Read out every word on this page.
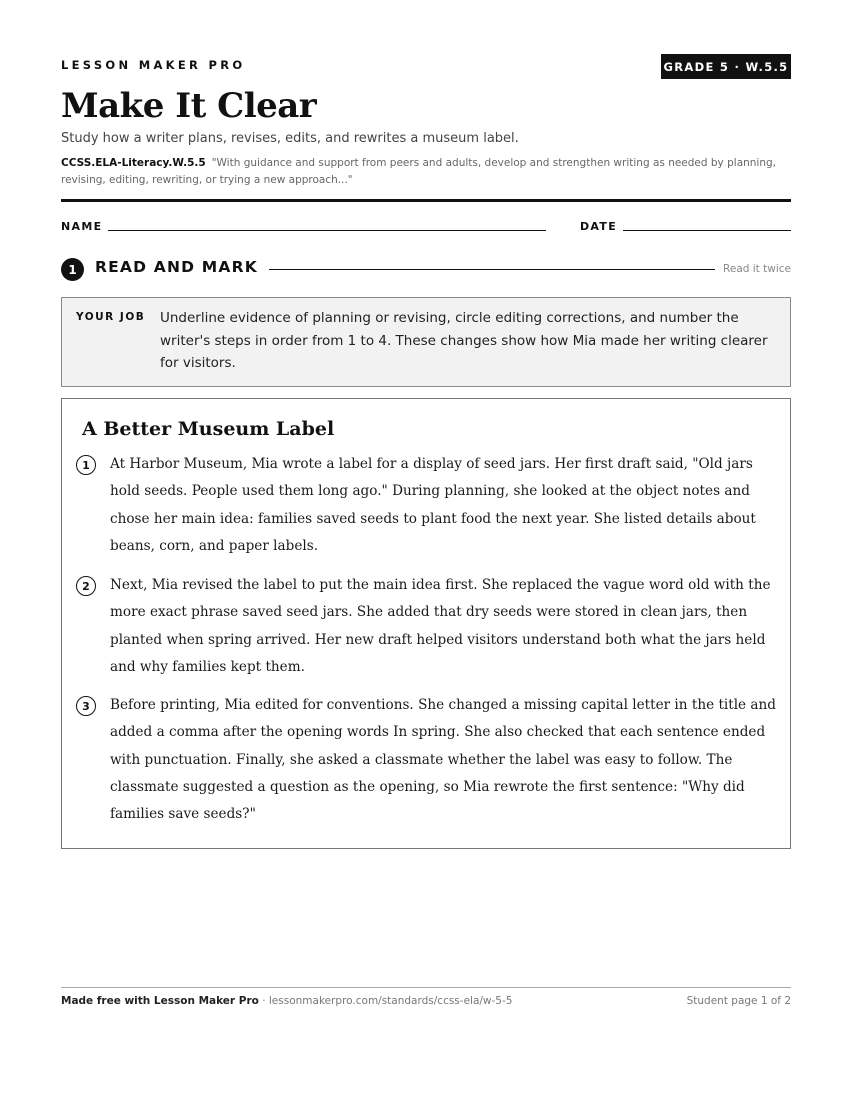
LESSON MAKER PRO	GRADE 5 · W.5.5
Make It Clear
Study how a writer plans, revises, edits, and rewrites a museum label.
CCSS.ELA-Literacy.W.5.5 "With guidance and support from peers and adults, develop and strengthen writing as needed by planning, revising, editing, rewriting, or trying a new approach..."
NAME	DATE
1	READ AND MARK	Read it twice
YOUR JOB Underline evidence of planning or revising, circle editing corrections, and number the writer's steps in order from 1 to 4. These changes show how Mia made her writing clearer for visitors.
A Better Museum Label
1	At Harbor Museum, Mia wrote a label for a display of seed jars. Her first draft said, "Old jars hold seeds. People used them long ago." During planning, she looked at the object notes and chose her main idea: families saved seeds to plant food the next year. She listed details about beans, corn, and paper labels.
2	Next, Mia revised the label to put the main idea first. She replaced the vague word old with the more exact phrase saved seed jars. She added that dry seeds were stored in clean jars, then planted when spring arrived. Her new draft helped visitors understand both what the jars held and why families kept them.
3	Before printing, Mia edited for conventions. She changed a missing capital letter in the title and added a comma after the opening words In spring. She also checked that each sentence ended with punctuation. Finally, she asked a classmate whether the label was easy to follow. The classmate suggested a question as the opening, so Mia rewrote the first sentence: "Why did families save seeds?"
Made free with Lesson Maker Pro · lessonmakerpro.com/standards/ccss-ela/w-5-5	Student page 1 of 2
